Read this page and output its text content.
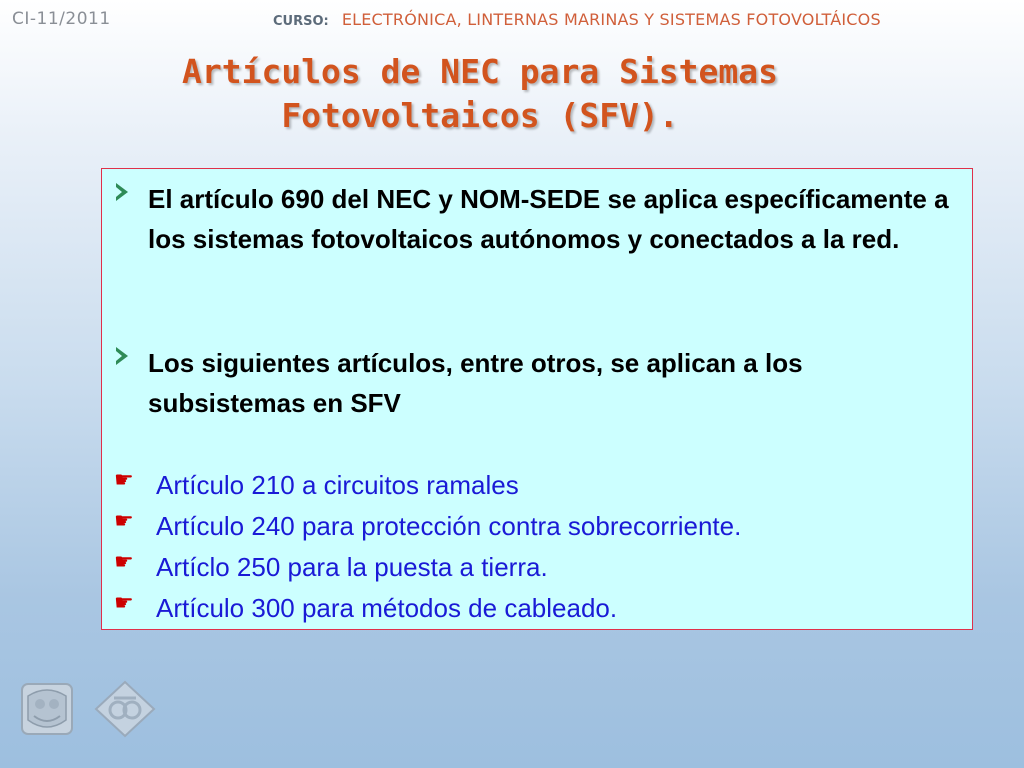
CI-11/2011	CURSO: ELECTRÓNICA, LINTERNAS MARINAS Y SISTEMAS FOTOVOLTÁICOS
Artículos de NEC para Sistemas
Fotovoltaicos (SFV).
El artículo 690 del NEC y NOM-SEDE se aplica específicamente a los sistemas fotovoltaicos autónomos y conectados a la red.
Los siguientes artículos, entre otros, se aplican a los subsistemas en SFV
☛ Artículo 210 a circuitos ramales
☛ Artículo 240 para protección contra sobrecorriente.
☛ Artíclo 250 para la puesta a tierra.
☛ Artículo 300 para métodos de cableado.
